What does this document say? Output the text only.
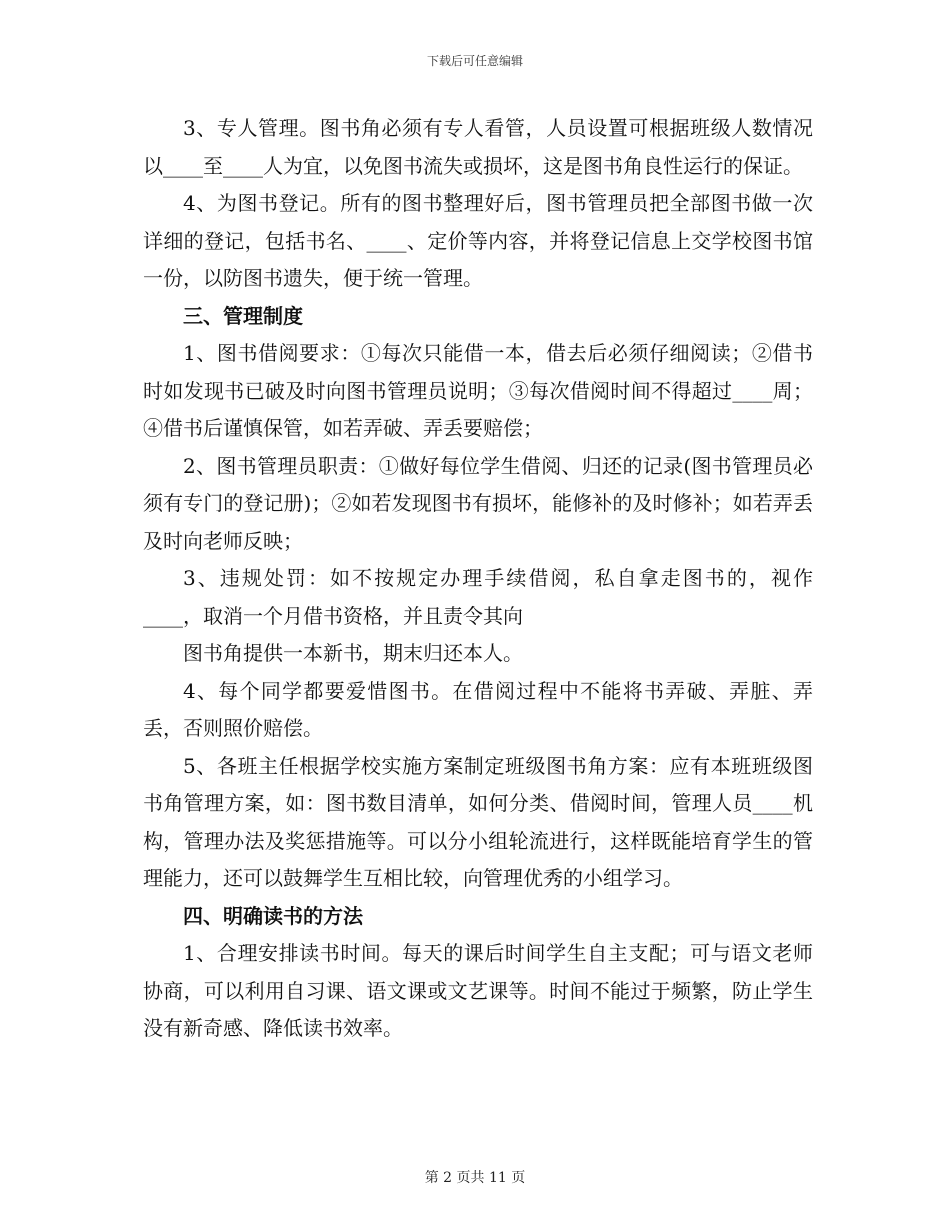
下载后可任意编辑

3、专人管理。图书角必须有专人看管，人员设置可根据班级人数情况以____至____人为宜，以免图书流失或损坏，这是图书角良性运行的保证。

4、为图书登记。所有的图书整理好后，图书管理员把全部图书做一次详细的登记，包括书名、____、定价等内容，并将登记信息上交学校图书馆一份，以防图书遗失，便于统一管理。

三、管理制度

1、图书借阅要求：①每次只能借一本，借去后必须仔细阅读；②借书时如发现书已破及时向图书管理员说明；③每次借阅时间不得超过____周；④借书后谨慎保管，如若弄破、弄丢要赔偿；

2、图书管理员职责：①做好每位学生借阅、归还的记录(图书管理员必须有专门的登记册)；②如若发现图书有损坏，能修补的及时修补；如若弄丢及时向老师反映；

3、违规处罚：如不按规定办理手续借阅，私自拿走图书的，视作____，取消一个月借书资格，并且责令其向

图书角提供一本新书，期末归还本人。

4、每个同学都要爱惜图书。在借阅过程中不能将书弄破、弄脏、弄丢，否则照价赔偿。

5、各班主任根据学校实施方案制定班级图书角方案：应有本班班级图书角管理方案，如：图书数目清单，如何分类、借阅时间，管理人员____机构，管理办法及奖惩措施等。可以分小组轮流进行，这样既能培育学生的管理能力，还可以鼓舞学生互相比较，向管理优秀的小组学习。

四、明确读书的方法

1、合理安排读书时间。每天的课后时间学生自主支配；可与语文老师协商，可以利用自习课、语文课或文艺课等。时间不能过于频繁，防止学生没有新奇感、降低读书效率。

第 2 页共 11 页
